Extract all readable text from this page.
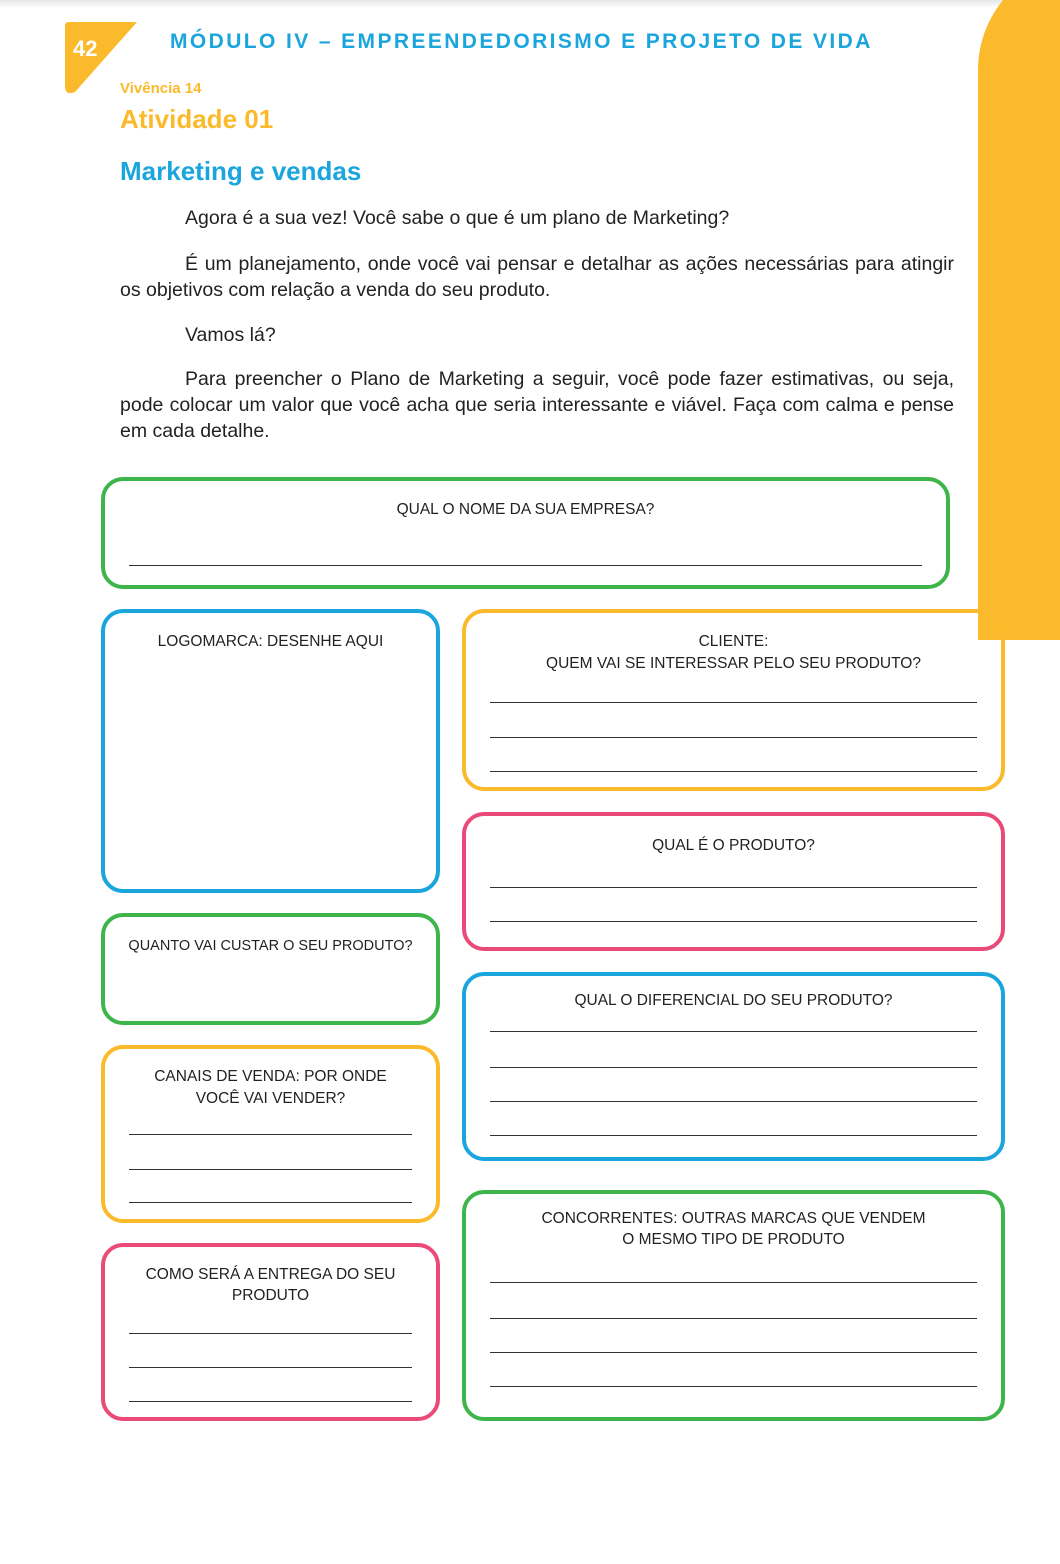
42	MÓDULO IV – EMPREENDEDORISMO E PROJETO DE VIDA
Vivência 14
Atividade 01
Marketing e vendas

Agora é a sua vez! Você sabe o que é um plano de Marketing?

É um planejamento, onde você vai pensar e detalhar as ações necessárias para atingir os objetivos com relação a venda do seu produto.

Vamos lá?

Para preencher o Plano de Marketing a seguir, você pode fazer estimativas, ou seja, pode colocar um valor que você acha que seria interessante e viável. Faça com calma e pense em cada detalhe.

QUAL O NOME DA SUA EMPRESA?
LOGOMARCA: DESENHE AQUI	CLIENTE:
QUEM VAI SE INTERESSAR PELO SEU PRODUTO?
QUAL É O PRODUTO?
QUANTO VAI CUSTAR O SEU PRODUTO?
QUAL O DIFERENCIAL DO SEU PRODUTO?
CANAIS DE VENDA: POR ONDE
VOCÊ VAI VENDER?
CONCORRENTES: OUTRAS MARCAS QUE VENDEM
O MESMO TIPO DE PRODUTO
COMO SERÁ A ENTREGA DO SEU
PRODUTO
